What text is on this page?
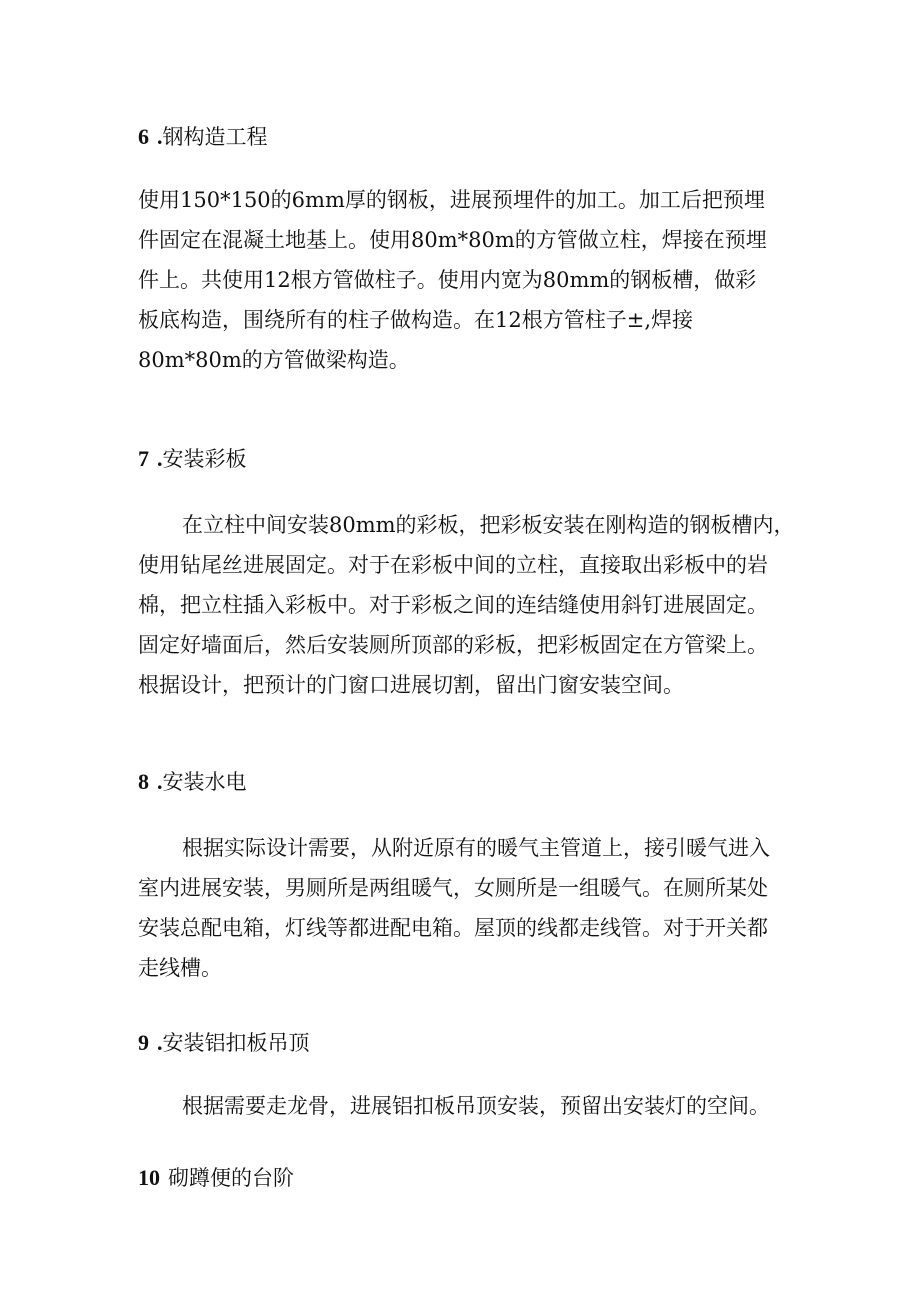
6 .钢构造工程
使用150*150的6mm厚的钢板，进展预埋件的加工。加工后把预埋
件固定在混凝土地基上。使用80m*80m的方管做立柱，焊接在预埋
件上。共使用12根方管做柱子。使用内宽为80mm的钢板槽，做彩
板底构造，围绕所有的柱子做构造。在12根方管柱子±,焊接
80m*80m的方管做梁构造。
7 .安装彩板
在立柱中间安装80mm的彩板，把彩板安装在刚构造的钢板槽内，
使用钻尾丝进展固定。对于在彩板中间的立柱，直接取出彩板中的岩
棉，把立柱插入彩板中。对于彩板之间的连结缝使用斜钉进展固定。
固定好墙面后，然后安装厕所顶部的彩板，把彩板固定在方管梁上。
根据设计，把预计的门窗口进展切割，留出门窗安装空间。
8 .安装水电
根据实际设计需要，从附近原有的暖气主管道上，接引暖气进入
室内进展安装，男厕所是两组暖气，女厕所是一组暖气。在厕所某处
安装总配电箱，灯线等都进配电箱。屋顶的线都走线管。对于开关都
走线槽。
9 .安装铝扣板吊顶
根据需要走龙骨，进展铝扣板吊顶安装，预留出安装灯的空间。
10 砌蹲便的台阶
